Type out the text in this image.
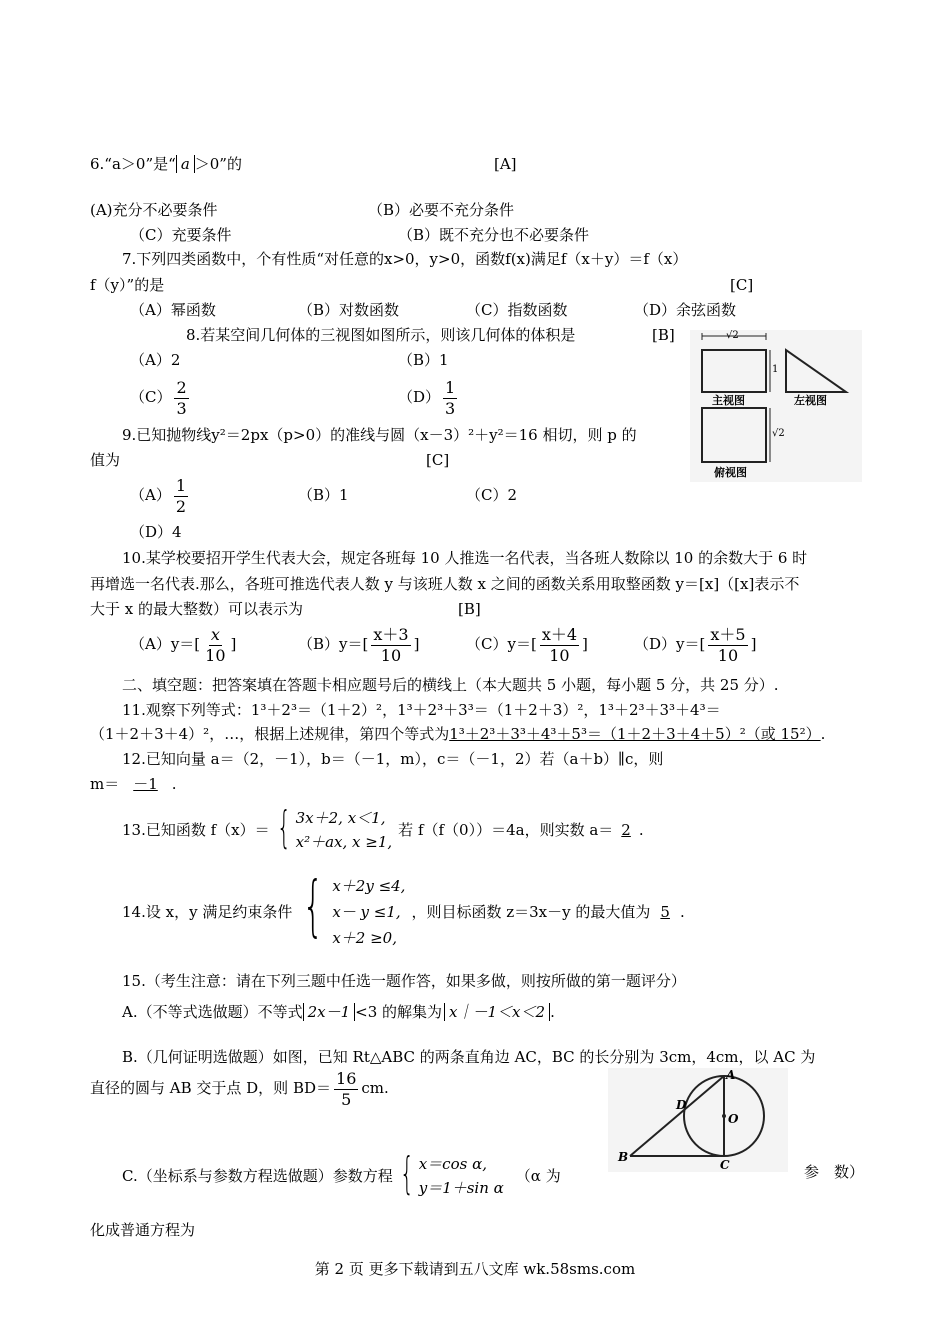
6.“a＞0”是“ a ＞0”的	[A]
(A)充分不必要条件	（B）必要不充分条件
（C）充要条件	（B）既不充分也不必要条件
7.下列四类函数中，个有性质“对任意的x>0，y>0，函数f(x)满足f（x＋y）＝f（x）
f（y）”的是	[C]
（A）幂函数	（B）对数函数	（C）指数函数	（D）余弦函数
8.若某空间几何体的三视图如图所示，则该几何体的体积是	[B]
（A）2	（B）1
$(C) \frac{2}{3}$	$(D) \frac{1}{3}$
√2
1
√2
主视图	左视图
俯视图
9.已知抛物线y²＝2px（p>0）的准线与圆（x－3）²＋y²＝16 相切，则 p 的
值为	[C]
$(A) \frac{1}{2}$	（B）1	（C）2
（D）4
10.某学校要招开学生代表大会，规定各班每 10 人推选一名代表，当各班人数除以 10 的余数大于 6 时
再增选一名代表.那么，各班可推选代表人数 y 与该班人数 x 之间的函数关系用取整函数 y＝[x]（[x]表示不
大于 x 的最大整数）可以表示为	[B]
$(A)y=[ \frac{x}{10}$ ]	$(B)y=[ \frac{x+3}{10}$ ]	$(C)y=[ \frac{x+4}{10}$ ]	$(D)y=[ \frac{x+5}{10}$ ]
二、填空题：把答案填在答题卡相应题号后的横线上（本大题共 5 小题，每小题 5 分，共 25 分）.
11.观察下列等式：1³＋2³＝（1＋2）²，1³＋2³＋3³＝（1＋2＋3）²，1³＋2³＋3³＋4³＝
（1＋2＋3＋4）²，…，根据上述规律，第四个等式为1³＋2³＋3³＋4³＋5³＝（1＋2＋3＋4＋5）²（或 15²）.
12.已知向量 a＝（2，－1），b＝（－1，m），c＝（－1，2）若（a＋b）∥c，则
m＝ －1 .
13.已知函数 f（x）＝ { 3x＋2, x＜1,
x²＋ax, x ≥1,
若 f（f（0））＝4a，则实数 a＝ 2 .
14.设 x，y 满足约束条件 { x＋2y ≤4,
x－ y ≤1,
x＋2 ≥0,
，则目标函数 z＝3x－y 的最大值为 5 .
15.（考生注意：请在下列三题中任选一题作答，如果多做，则按所做的第一题评分）
A.（不等式选做题）不等式 2x－1 <3 的解集为 x｜－1＜x＜2 .
B.（几何证明选做题）如图，已知 Rt△ABC 的两条直角边 AC，BC 的长分别为 3cm，4cm，以 AC 为
直径的圆与 AB 交于点 D，则 $BD= \frac{16}{5}$ cm.
A
B
C
D
O
C.（坐标系与参数方程选做题）参数方程 { x＝cos α,
y＝1＋sin α
（α 为	参　数）
化成普通方程为
第 2 页 更多下载请到五八文库 wk.58sms.com
